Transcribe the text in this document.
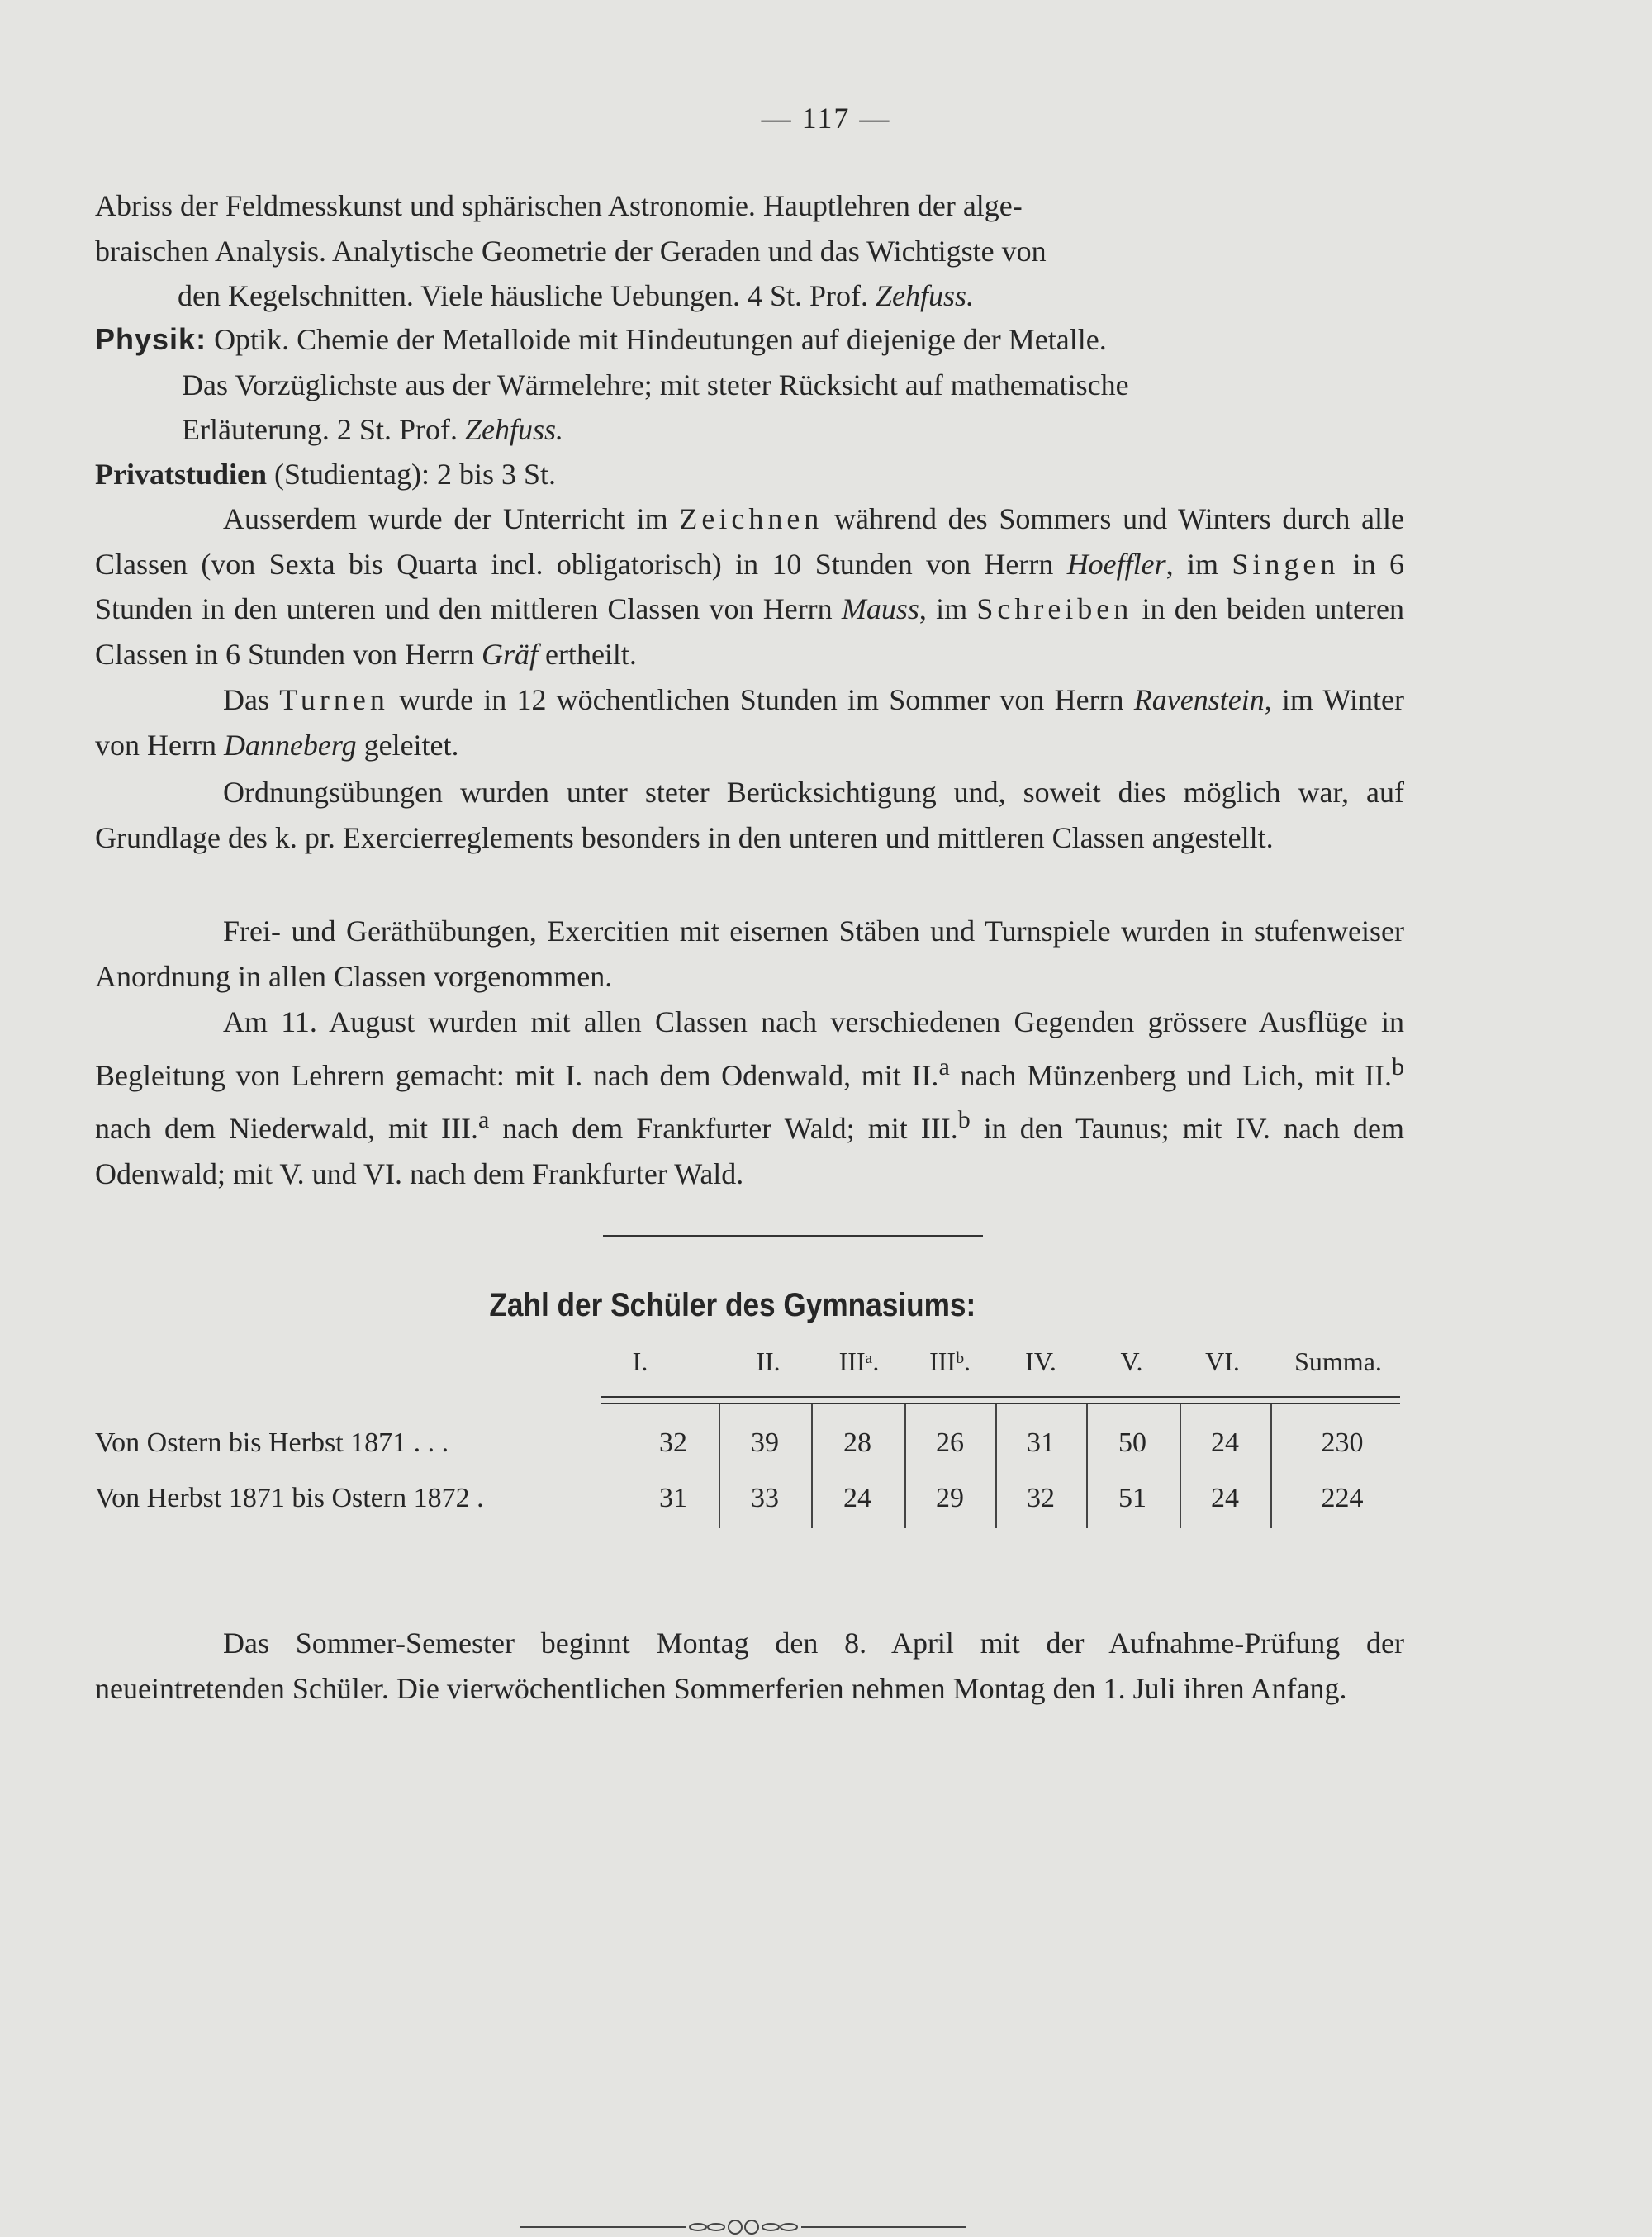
— 117 —

Abriss der Feldmesskunst und sphärischen Astronomie. Hauptlehren der alge-
braischen Analysis. Analytische Geometrie der Geraden und das Wichtigste von
den Kegelschnitten. Viele häusliche Uebungen. 4 St. Prof. Zehfuss.

Physik: Optik. Chemie der Metalloide mit Hindeutungen auf diejenige der Metalle.
Das Vorzüglichste aus der Wärmelehre; mit steter Rücksicht auf mathematische
Erläuterung. 2 St. Prof. Zehfuss.

Privatstudien (Studientag): 2 bis 3 St.

Ausserdem wurde der Unterricht im Zeichnen während des Sommers und Winters durch alle Classen (von Sexta bis Quarta incl. obligatorisch) in 10 Stunden von Herrn Hoeffler, im Singen in 6 Stunden in den unteren und den mittleren Classen von Herrn Mauss, im Schreiben in den beiden unteren Classen in 6 Stunden von Herrn Gräf ertheilt.

Das Turnen wurde in 12 wöchentlichen Stunden im Sommer von Herrn Ravenstein, im Winter von Herrn Danneberg geleitet.

Ordnungsübungen wurden unter steter Berücksichtigung und, soweit dies möglich war, auf Grundlage des k. pr. Exercierreglements besonders in den unteren und mittleren Classen angestellt.

Frei- und Geräthübungen, Exercitien mit eisernen Stäben und Turnspiele wurden in stufenweiser Anordnung in allen Classen vorgenommen.

Am 11. August wurden mit allen Classen nach verschiedenen Gegenden grössere Ausflüge in Begleitung von Lehrern gemacht: mit I. nach dem Odenwald, mit II.$^a$ nach Münzenberg und Lich, mit II.$^b$ nach dem Niederwald, mit III.$^a$ nach dem Frankfurter Wald; mit III.$^b$ in den Taunus; mit IV. nach dem Odenwald; mit V. und VI. nach dem Frankfurter Wald.

Zahl der Schüler des Gymnasiums:
I.	II.	IIIᵃ.	IIIᵇ.	IV.	V.	VI.	Summa.
Von Ostern bis Herbst 1871 . . .	32	39	28	26	31	50	24	230
Von Herbst 1871 bis Ostern 1872 .	31	33	24	29	32	51	24	224

Das Sommer-Semester beginnt Montag den 8. April mit der Aufnahme-Prüfung der neueintretenden Schüler. Die vierwöchentlichen Sommerferien nehmen Montag den 1. Juli ihren Anfang.
